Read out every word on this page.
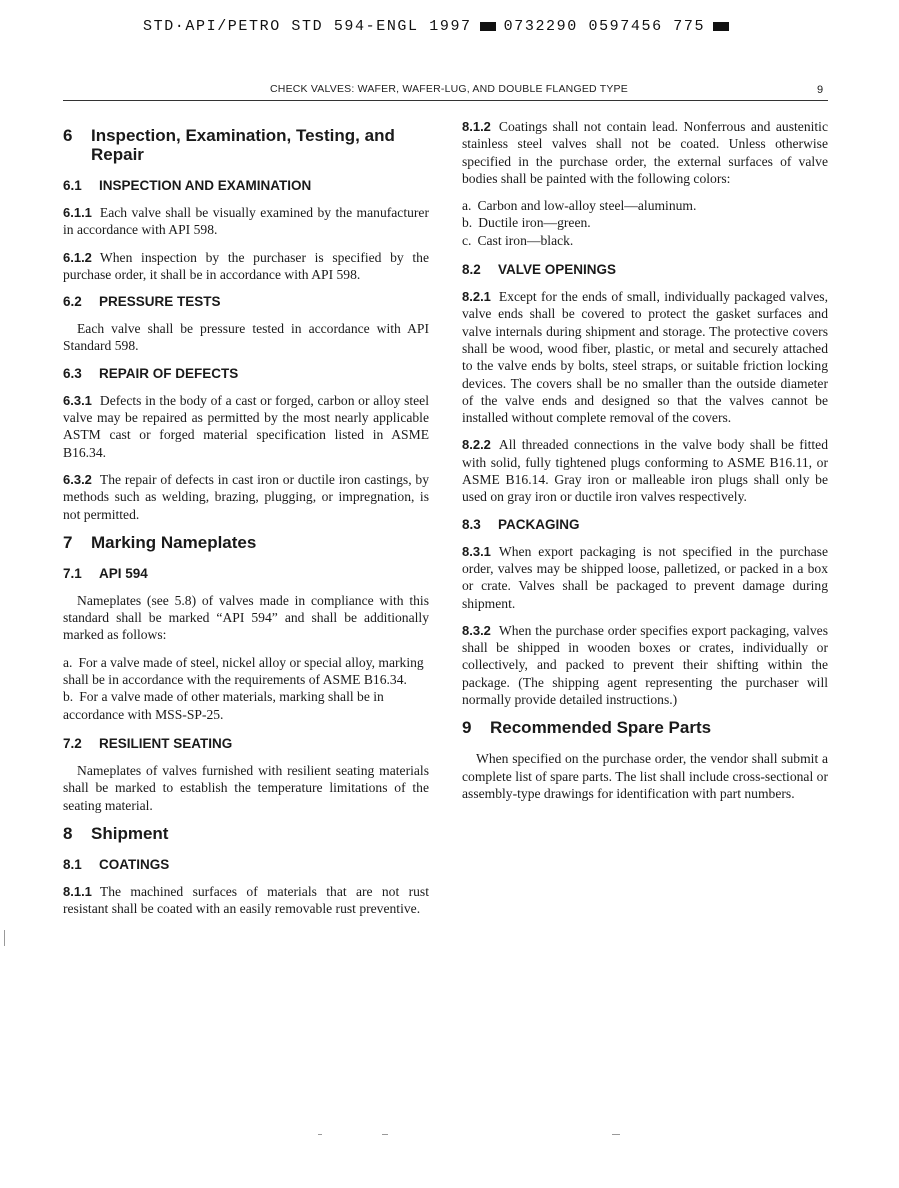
STD·API/PETRO STD 594-ENGL 1997 0732290 0597456 775
CHECK VALVES: WAFER, WAFER-LUG, AND DOUBLE FLANGED TYPE	9
6	Inspection, Examination, Testing, and Repair
6.1	INSPECTION AND EXAMINATION

6.1.1 Each valve shall be visually examined by the manufacturer in accordance with API 598.

6.1.2 When inspection by the purchaser is specified by the purchase order, it shall be in accordance with API 598.

6.2	PRESSURE TESTS

Each valve shall be pressure tested in accordance with API Standard 598.

6.3	REPAIR OF DEFECTS

6.3.1 Defects in the body of a cast or forged, carbon or alloy steel valve may be repaired as permitted by the most nearly applicable ASTM cast or forged material specification listed in ASME B16.34.

6.3.2 The repair of defects in cast iron or ductile iron castings, by methods such as welding, brazing, plugging, or impregnation, is not permitted.

7	Marking Nameplates
7.1	API 594

Nameplates (see 5.8) of valves made in compliance with this standard shall be marked “API 594” and shall be additionally marked as follows:

a. For a valve made of steel, nickel alloy or special alloy, marking shall be in accordance with the requirements of ASME B16.34.
b. For a valve made of other materials, marking shall be in accordance with MSS-SP-25.
7.2	RESILIENT SEATING

Nameplates of valves furnished with resilient seating materials shall be marked to establish the temperature limitations of the seating material.

8	Shipment
8.1	COATINGS

8.1.1 The machined surfaces of materials that are not rust resistant shall be coated with an easily removable rust preventive.

8.1.2 Coatings shall not contain lead. Nonferrous and austenitic stainless steel valves shall not be coated. Unless otherwise specified in the purchase order, the external surfaces of valve bodies shall be painted with the following colors:

a. Carbon and low-alloy steel—aluminum.
b. Ductile iron—green.
c. Cast iron—black.
8.2	VALVE OPENINGS

8.2.1 Except for the ends of small, individually packaged valves, valve ends shall be covered to protect the gasket surfaces and valve internals during shipment and storage. The protective covers shall be wood, wood fiber, plastic, or metal and securely attached to the valve ends by bolts, steel straps, or suitable friction locking devices. The covers shall be no smaller than the outside diameter of the valve ends and designed so that the valves cannot be installed without complete removal of the covers.

8.2.2 All threaded connections in the valve body shall be fitted with solid, fully tightened plugs conforming to ASME B16.11, or ASME B16.14. Gray iron or malleable iron plugs shall only be used on gray iron or ductile iron valves respectively.

8.3	PACKAGING

8.3.1 When export packaging is not specified in the purchase order, valves may be shipped loose, palletized, or packed in a box or crate. Valves shall be packaged to prevent damage during shipment.

8.3.2 When the purchase order specifies export packaging, valves shall be shipped in wooden boxes or crates, individually or collectively, and packed to prevent their shifting within the package. (The shipping agent representing the purchaser will normally provide detailed instructions.)

9	Recommended Spare Parts

When specified on the purchase order, the vendor shall submit a complete list of spare parts. The list shall include cross-sectional or assembly-type drawings for identification with part numbers.
